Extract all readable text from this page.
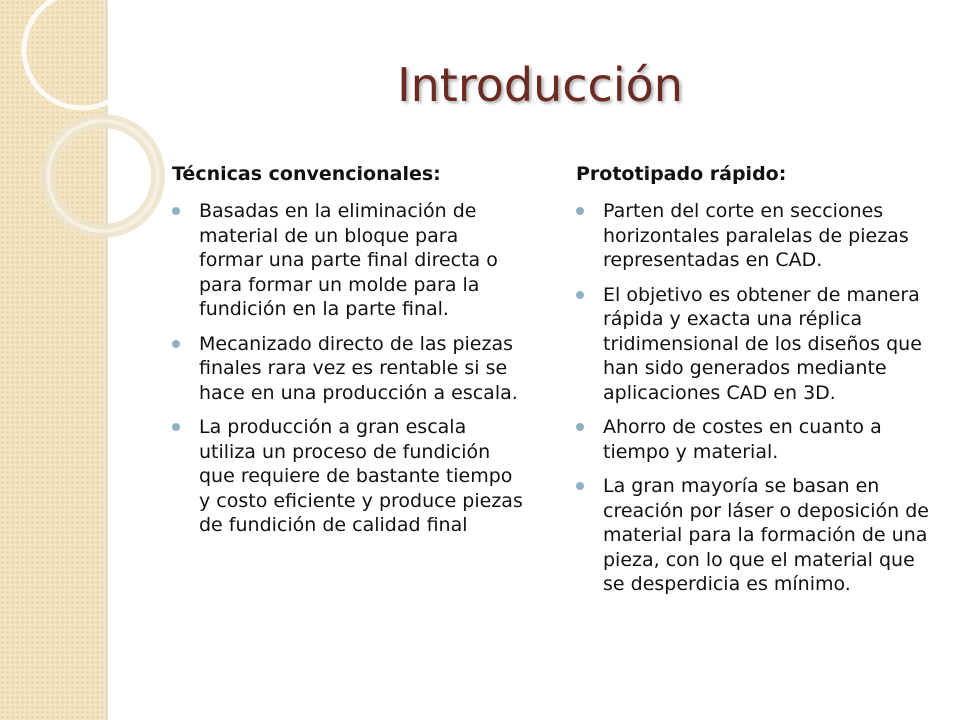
Introducción
Técnicas convencionales:
Basadas en la eliminación de material de un bloque para formar una parte final directa o para formar un molde para la fundición en la parte final.
Mecanizado directo de las piezas finales rara vez es rentable si se hace en una producción a escala.
La producción a gran escala utiliza un proceso de fundición que requiere de bastante tiempo y costo eficiente y produce piezas de fundición de calidad final
Prototipado rápido:
Parten del corte en secciones horizontales paralelas de piezas representadas en CAD.
El objetivo es obtener de manera rápida y exacta una réplica tridimensional de los diseños que han sido generados mediante aplicaciones CAD en 3D.
Ahorro de costes en cuanto a tiempo y material.
La gran mayoría se basan en creación por láser o deposición de material para la formación de una pieza, con lo que el material que se desperdicia es mínimo.
